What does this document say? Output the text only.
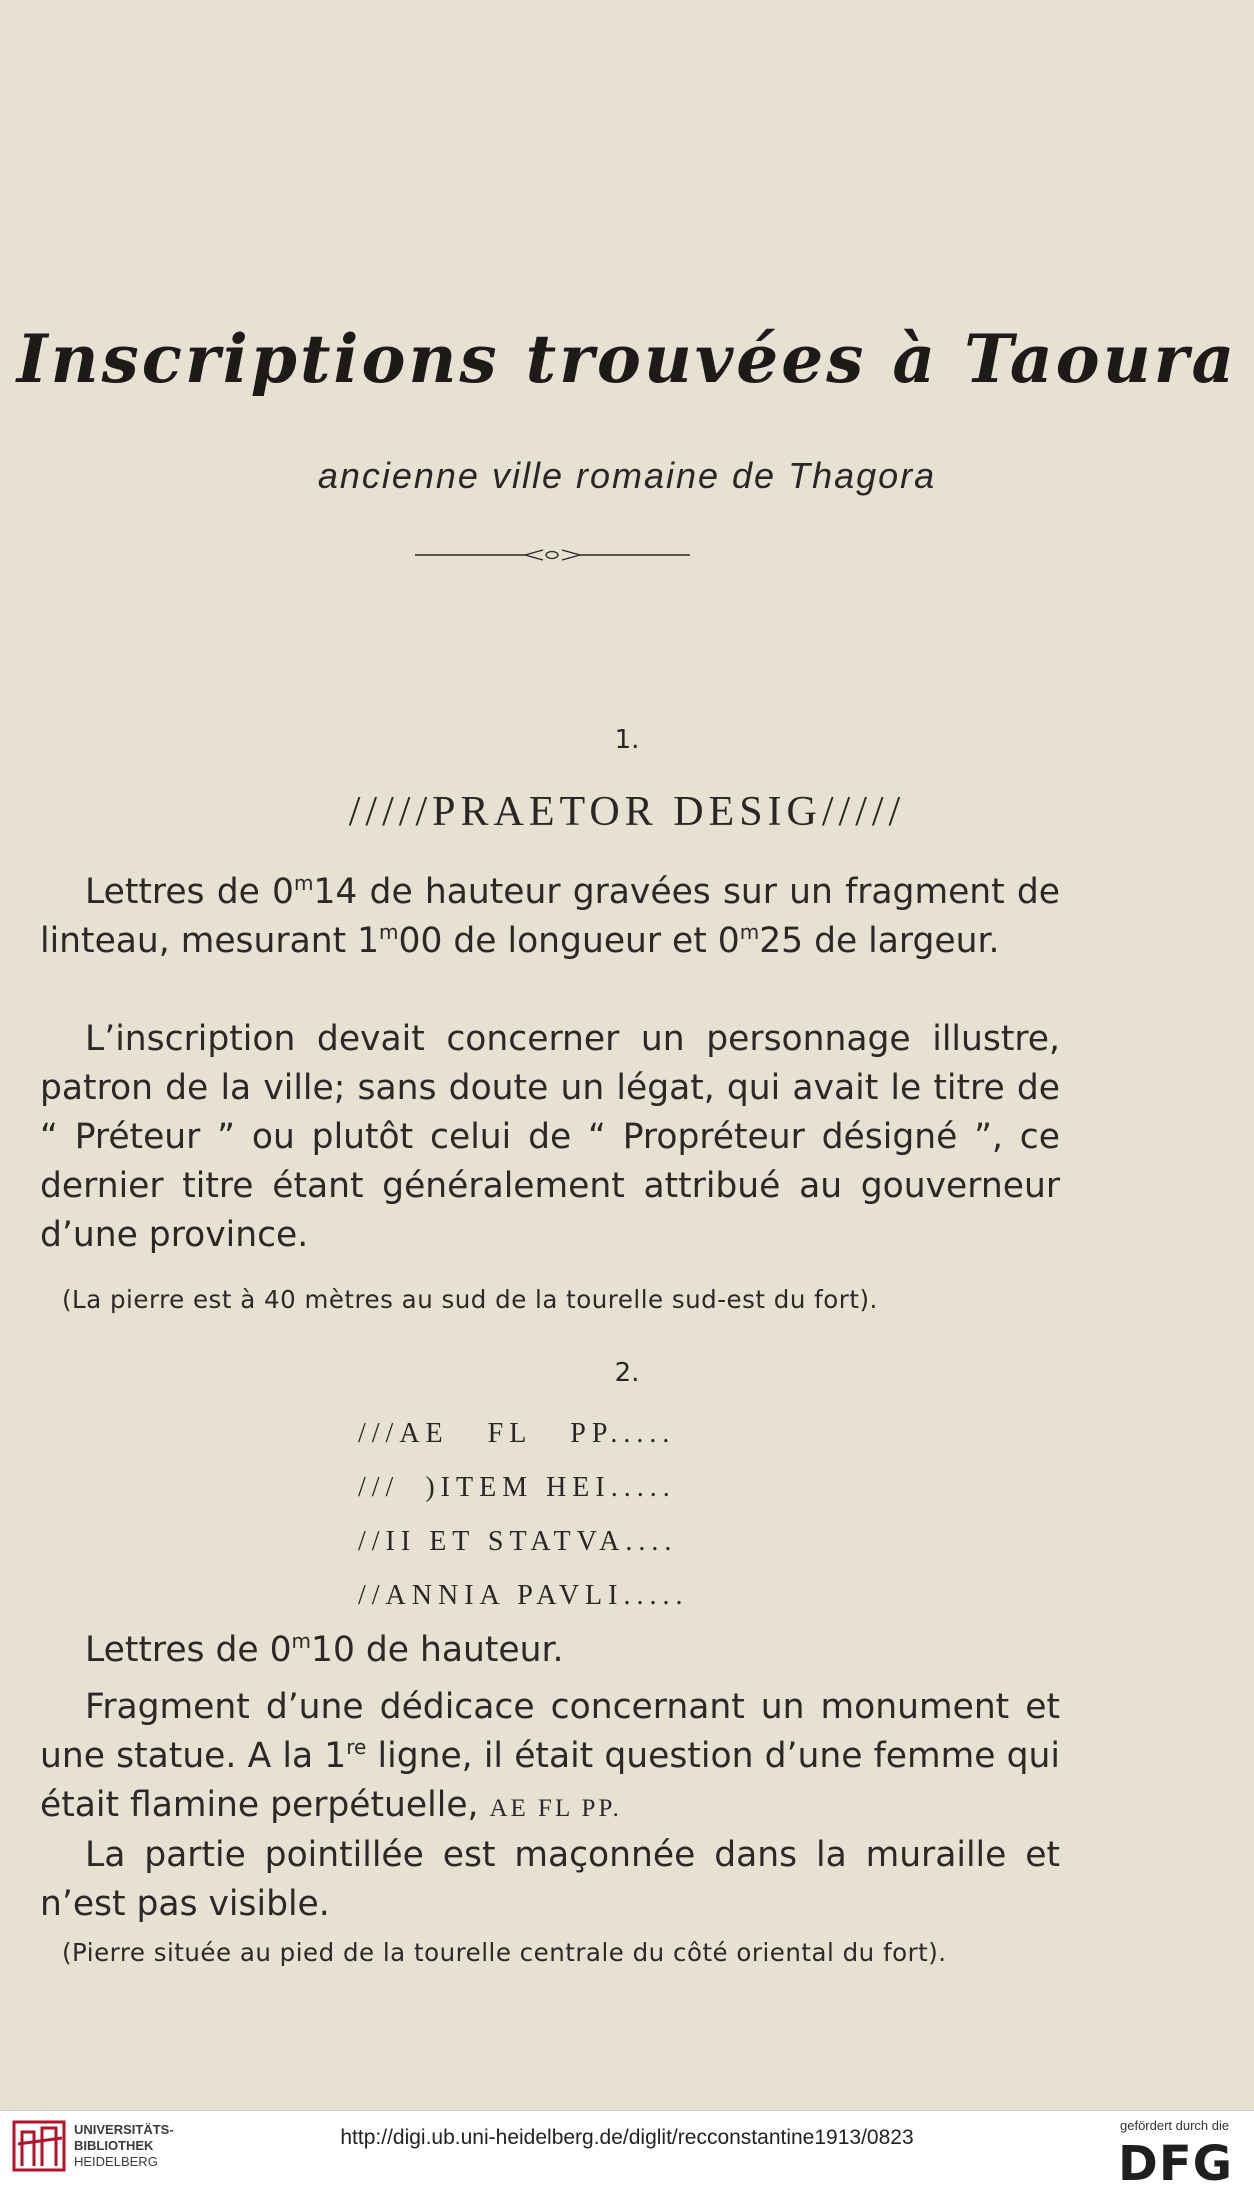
Inscriptions trouvées à Taoura
ancienne ville romaine de Thagora
1.
/////PRAETOR DESIG/////

Lettres de 0$^m$14 de hauteur gravées sur un fragment de linteau, mesurant 1$^m$00 de longueur et 0$^m$25 de largeur.

L’inscription devait concerner un personnage illustre, patron de la ville; sans doute un légat, qui avait le titre de “ Préteur ” ou plutôt celui de “ Propréteur désigné ”, ce dernier titre étant généralement attribué au gouverneur d’une province.

(La pierre est à 40 mètres au sud de la tourelle sud-est du fort).
2.
///AE   FL   PP.....
///  )ITEM HEI.....
//II ET STATVA....
//ANNIA PAVLI.....

Lettres de 0$^m$10 de hauteur.

Fragment d’une dédicace concernant un monument et une statue. A la 1re ligne, il était question d’une femme qui était flamine perpétuelle, AE FL PP.

La partie pointillée est maçonnée dans la muraille et n’est pas visible.

(Pierre située au pied de la tourelle centrale du côté oriental du fort).
UNIVERSITÄTS-
BIBLIOTHEK
HEIDELBERG
http://digi.ub.uni-heidelberg.de/diglit/recconstantine1913/0823
gefördert durch die
DFG
